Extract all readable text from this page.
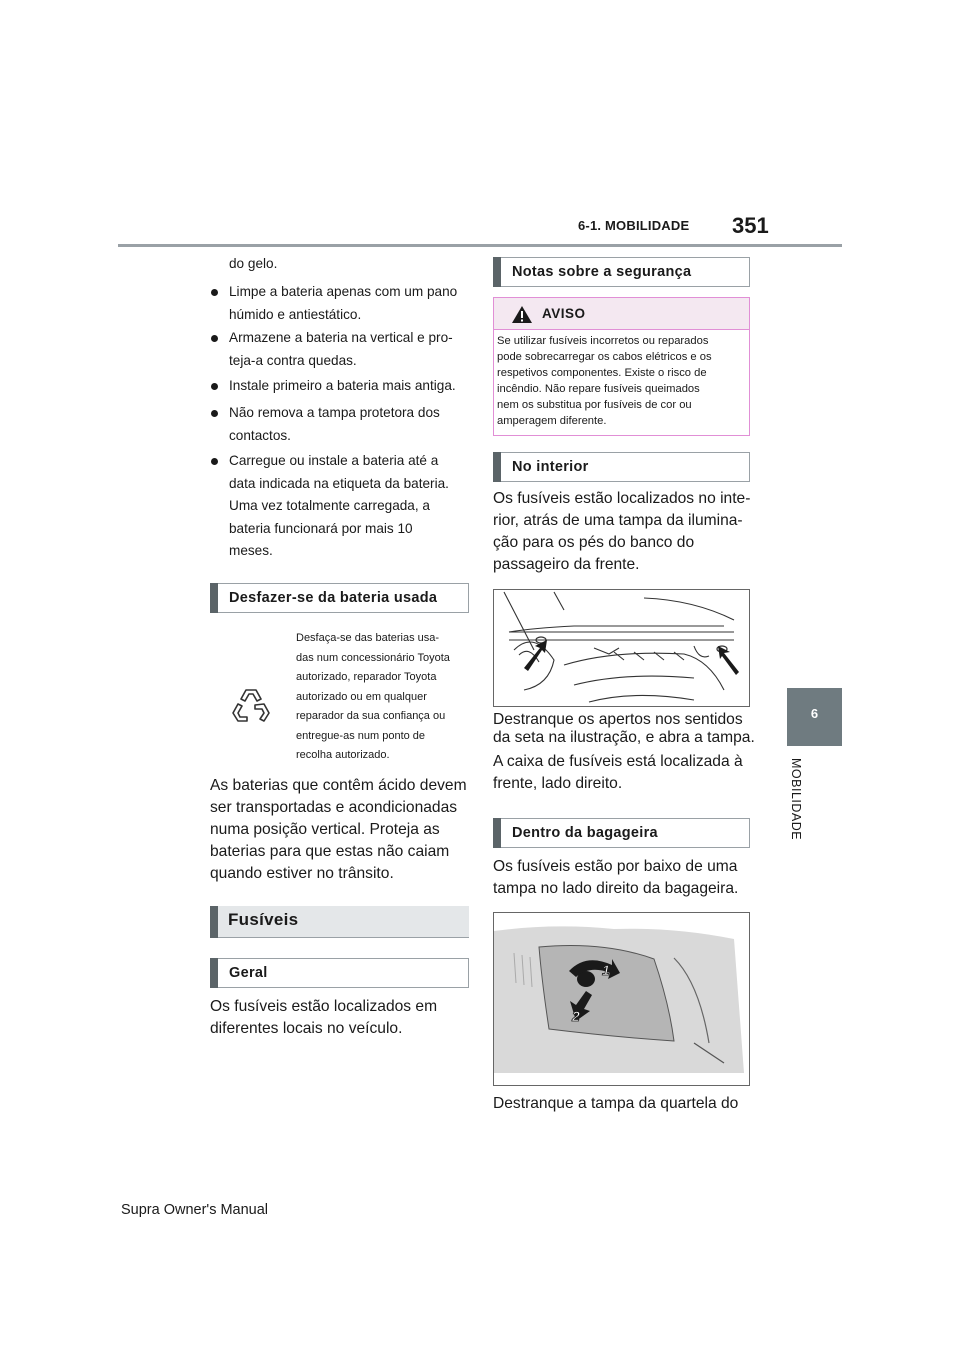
6-1. MOBILIDADE 351
6
MOBILIDADE
do gelo.
Limpe a bateria apenas com um pano
húmido e antiestático.
Armazene a bateria na vertical e pro-
teja-a contra quedas.
Instale primeiro a bateria mais antiga.
Não remova a tampa protetora dos
contactos.
Carregue ou instale a bateria até a
data indicada na etiqueta da bateria.
Uma vez totalmente carregada, a
bateria funcionará por mais 10
meses.
Desfazer-se da bateria usada
Desfaça-se das baterias usa-
das num concessionário Toyota
autorizado, reparador Toyota
autorizado ou em qualquer
reparador da sua confiança ou
entregue-as num ponto de
recolha autorizado.
As baterias que contêm ácido devem
ser transportadas e acondicionadas
numa posição vertical. Proteja as
baterias para que estas não caiam
quando estiver no trânsito.
Fusíveis
Geral
Os fusíveis estão localizados em
diferentes locais no veículo.
Notas sobre a segurança
AVISO
Se utilizar fusíveis incorretos ou reparados
pode sobrecarregar os cabos elétricos e os
respetivos componentes. Existe o risco de
incêndio. Não repare fusíveis queimados
nem os substitua por fusíveis de cor ou
amperagem diferente.
No interior
Os fusíveis estão localizados no inte-
rior, atrás de uma tampa da ilumina-
ção para os pés do banco do
passageiro da frente.
Destranque os apertos nos sentidos
da seta na ilustração, e abra a tampa.
A caixa de fusíveis está localizada à
frente, lado direito.
Dentro da bagageira
Os fusíveis estão por baixo de uma
tampa no lado direito da bagageira.
1
2
Destranque a tampa da quartela do
Supra Owner's Manual
